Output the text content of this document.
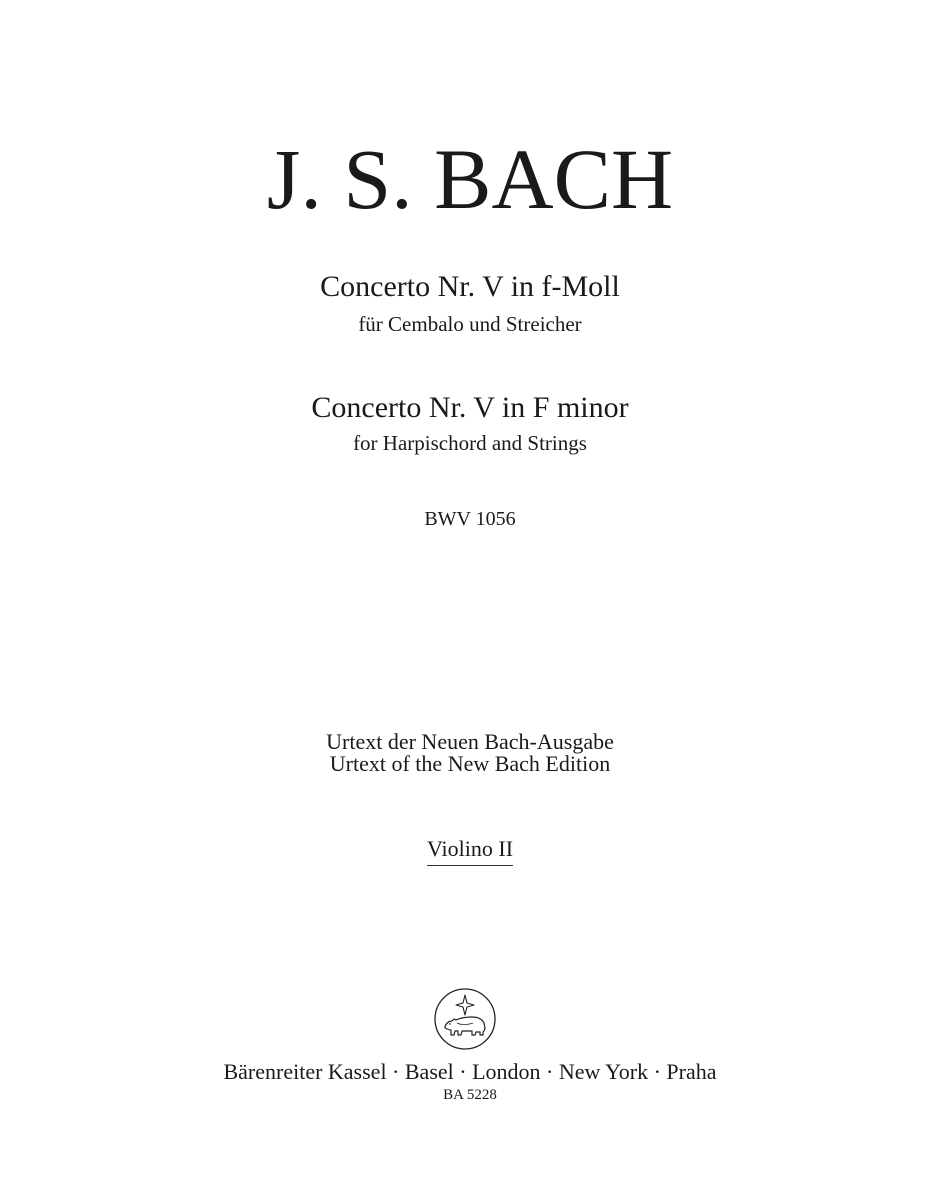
J. S. BACH
Concerto Nr. V in f-Moll
für Cembalo und Streicher
Concerto Nr. V in F minor
for Harpischord and Strings
BWV 1056
Urtext der Neuen Bach-Ausgabe
Urtext of the New Bach Edition
Violino II
Bärenreiter Kassel · Basel · London · New York · Praha
BA 5228
